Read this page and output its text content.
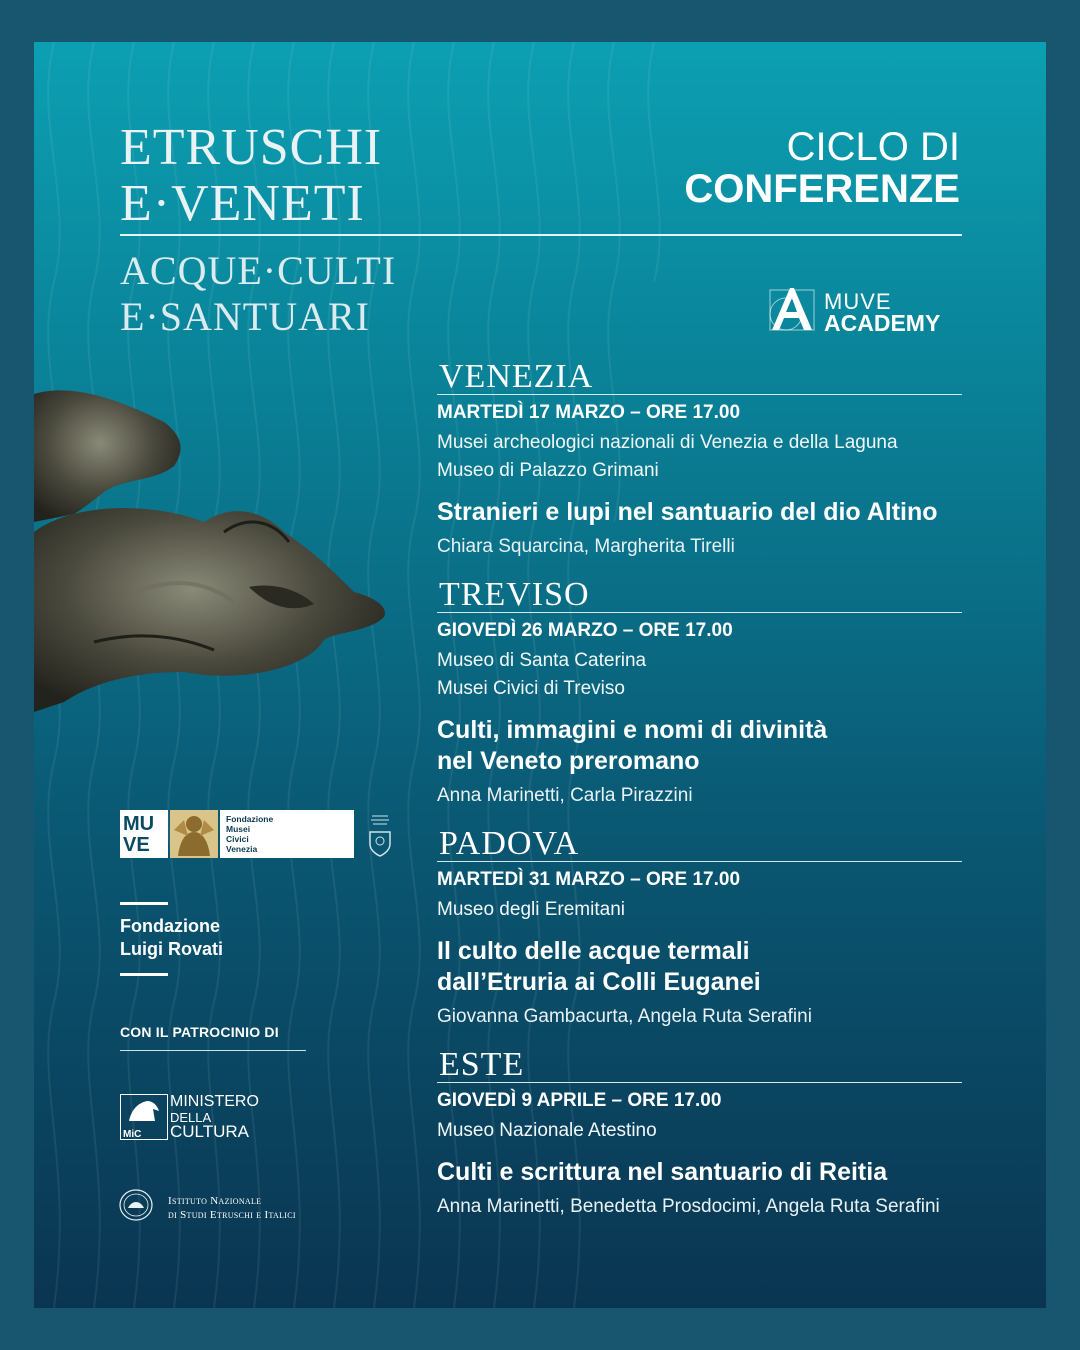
ETRUSCHI
E·VENETI
ACQUE·CULTI
E·SANTUARI
CICLO DI
CONFERENZE
MUVE
ACADEMY
VENEZIA
MARTEDÌ 17 MARZO – ORE 17.00
Musei archeologici nazionali di Venezia e della Laguna
Museo di Palazzo Grimani
Stranieri e lupi nel santuario del dio Altino
Chiara Squarcina, Margherita Tirelli
TREVISO
GIOVEDÌ 26 MARZO – ORE 17.00
Museo di Santa Caterina
Musei Civici di Treviso
Culti, immagini e nomi di divinità
nel Veneto preromano
Anna Marinetti, Carla Pirazzini
PADOVA
MARTEDÌ 31 MARZO – ORE 17.00
Museo degli Eremitani
Il culto delle acque termali
dall’Etruria ai Colli Euganei
Giovanna Gambacurta, Angela Ruta Serafini
ESTE
GIOVEDÌ 9 APRILE – ORE 17.00
Museo Nazionale Atestino
Culti e scrittura nel santuario di Reitia
Anna Marinetti, Benedetta Prosdocimi, Angela Ruta Serafini
MU
VE
Fondazione
Musei
Civici
Venezia
Fondazione
Luigi Rovati
CON IL PATROCINIO DI
MiC
MINISTERO
DELLA
CULTURA
Istituto Nazionale
di Studi Etruschi e Italici
